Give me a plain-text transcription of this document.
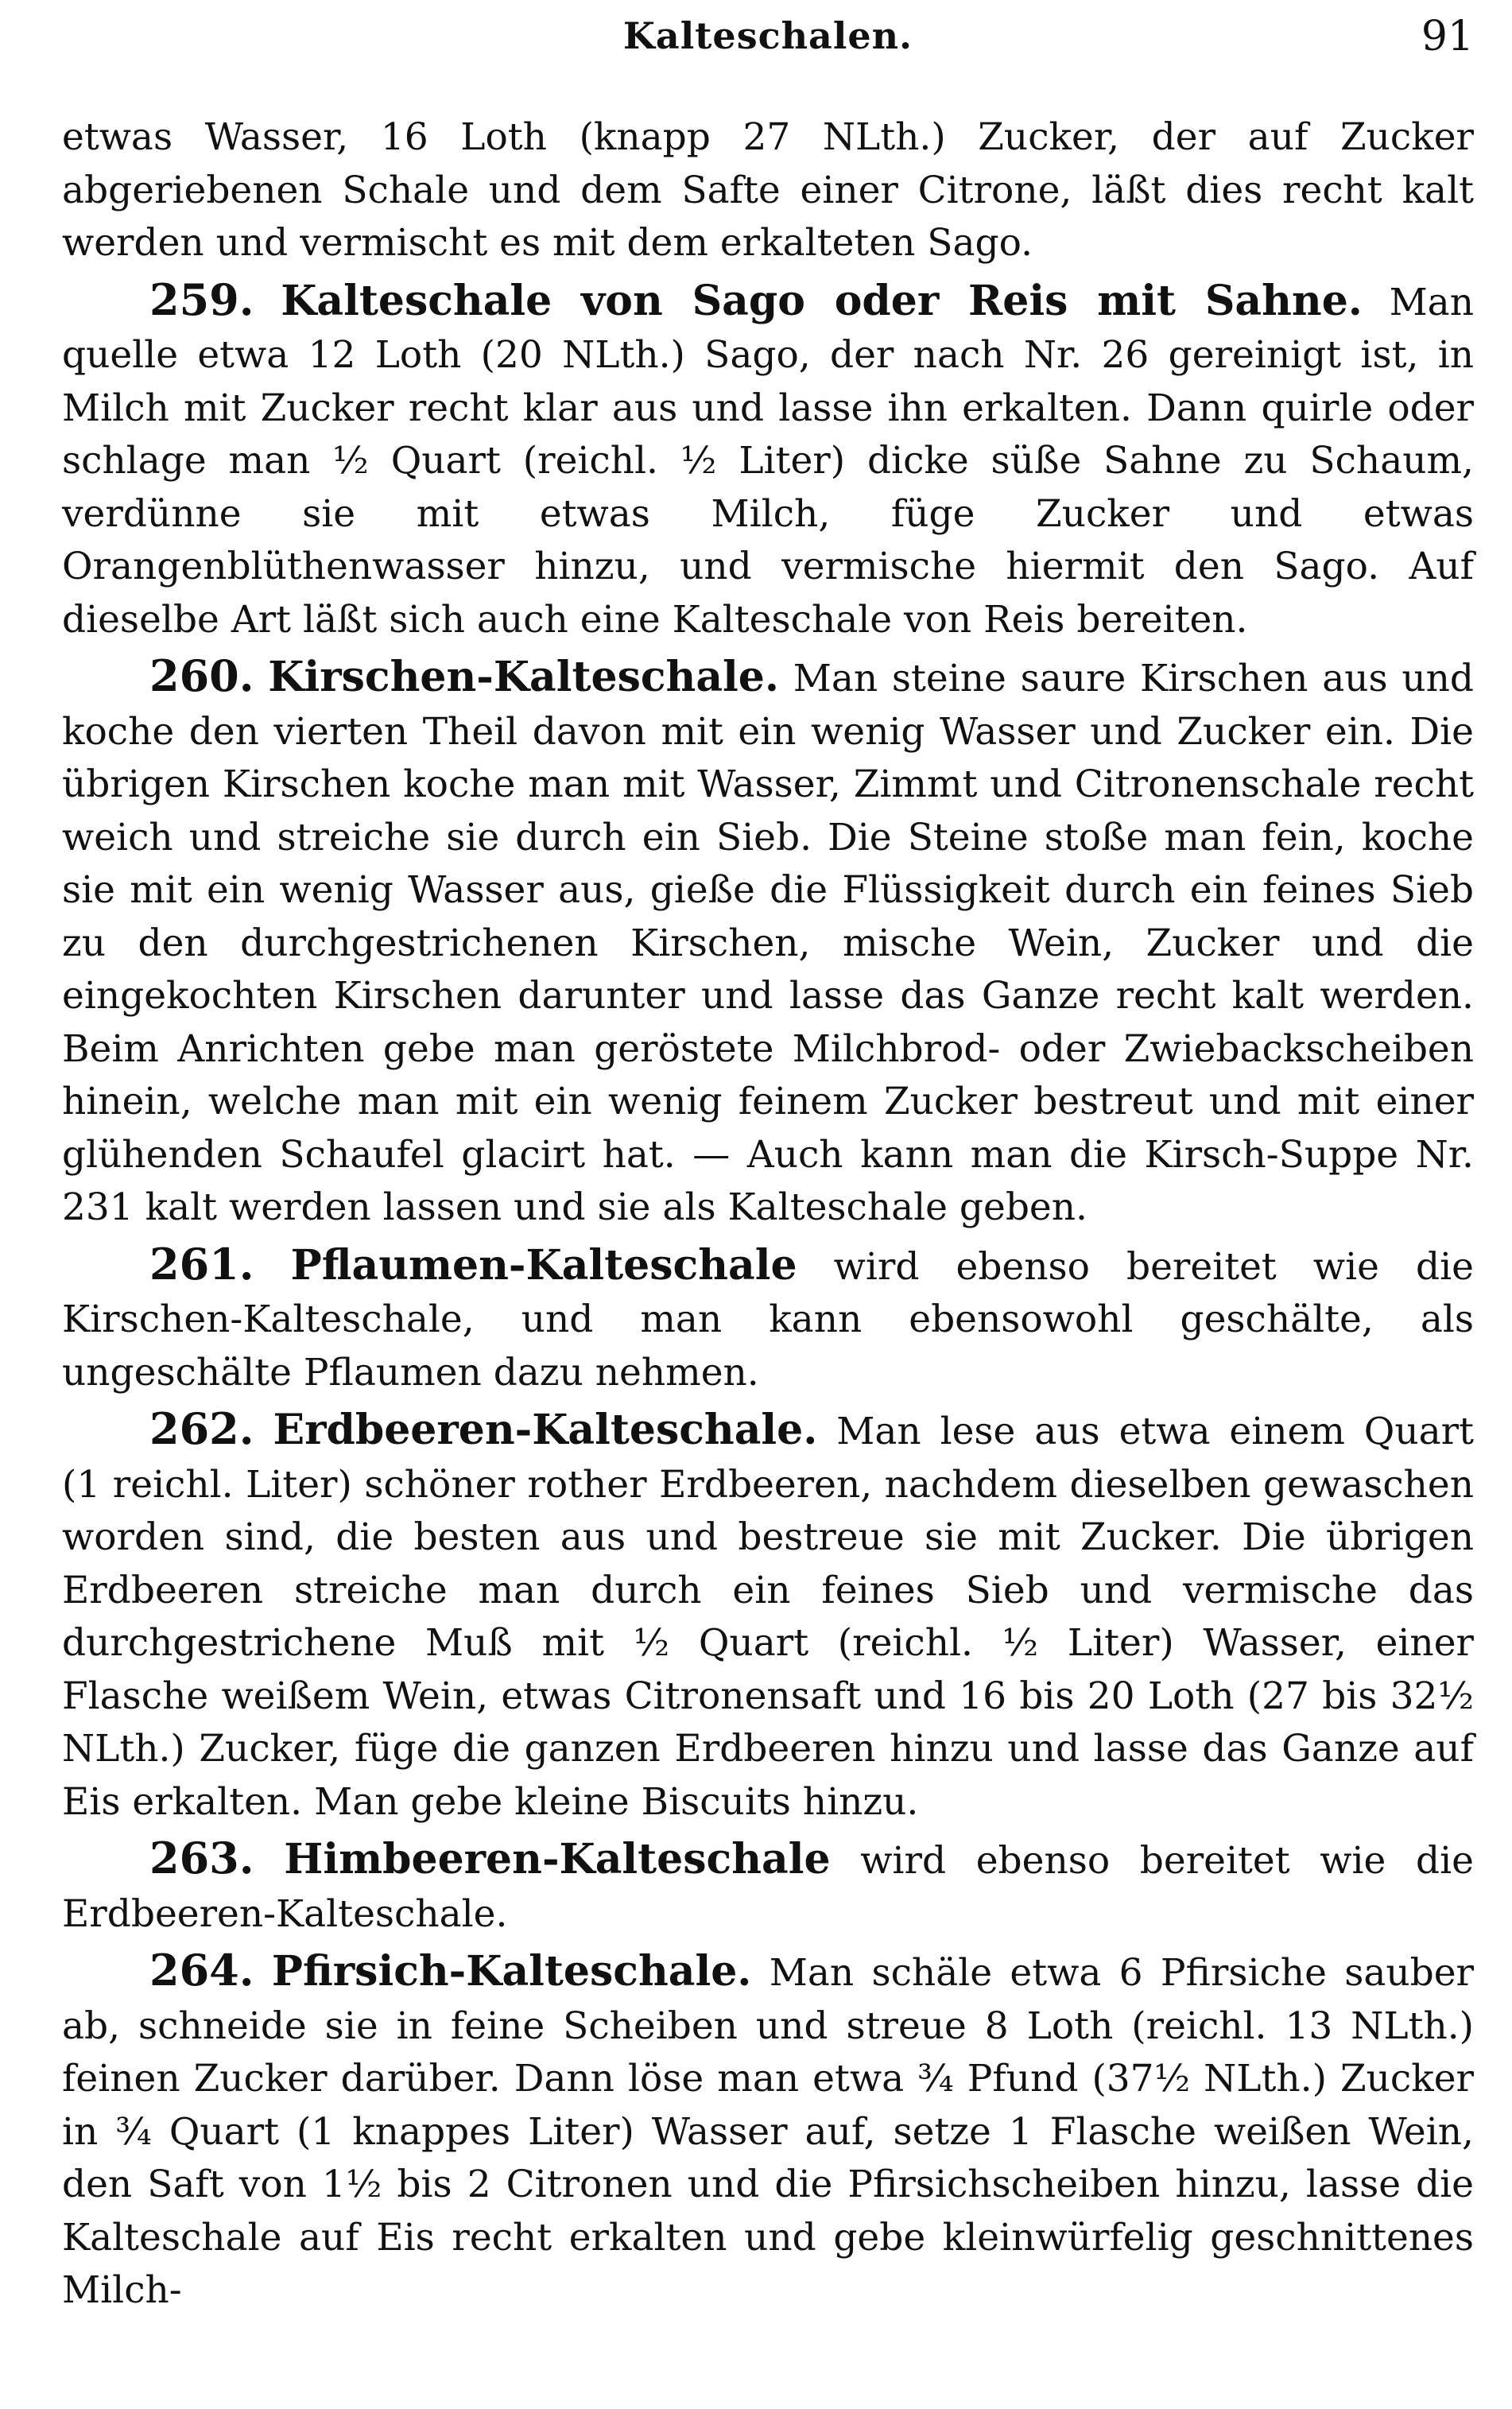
Kalteschalen.	91

etwas Wasser, 16 Loth (knapp 27 NLth.) Zucker, der auf Zucker abgeriebenen Schale und dem Safte einer Citrone, läßt dies recht kalt werden und vermischt es mit dem erkalteten Sago.

259. Kalteschale von Sago oder Reis mit Sahne. Man quelle etwa 12 Loth (20 NLth.) Sago, der nach Nr. 26 gereinigt ist, in Milch mit Zucker recht klar aus und lasse ihn erkalten. Dann quirle oder schlage man ½ Quart (reichl. ½ Liter) dicke süße Sahne zu Schaum, verdünne sie mit etwas Milch, füge Zucker und etwas Orangenblüthenwasser hinzu, und vermische hiermit den Sago. Auf dieselbe Art läßt sich auch eine Kalteschale von Reis bereiten.

260. Kirschen-Kalteschale. Man steine saure Kirschen aus und koche den vierten Theil davon mit ein wenig Wasser und Zucker ein. Die übrigen Kirschen koche man mit Wasser, Zimmt und Citronenschale recht weich und streiche sie durch ein Sieb. Die Steine stoße man fein, koche sie mit ein wenig Wasser aus, gieße die Flüssigkeit durch ein feines Sieb zu den durchgestrichenen Kirschen, mische Wein, Zucker und die eingekochten Kirschen darunter und lasse das Ganze recht kalt werden. Beim Anrichten gebe man geröstete Milchbrod- oder Zwiebackscheiben hinein, welche man mit ein wenig feinem Zucker bestreut und mit einer glühenden Schaufel glacirt hat. — Auch kann man die Kirsch-Suppe Nr. 231 kalt werden lassen und sie als Kalteschale geben.

261. Pflaumen-Kalteschale wird ebenso bereitet wie die Kirschen-Kalteschale, und man kann ebensowohl geschälte, als ungeschälte Pflaumen dazu nehmen.

262. Erdbeeren-Kalteschale. Man lese aus etwa einem Quart (1 reichl. Liter) schöner rother Erdbeeren, nachdem dieselben gewaschen worden sind, die besten aus und bestreue sie mit Zucker. Die übrigen Erdbeeren streiche man durch ein feines Sieb und vermische das durchgestrichene Muß mit ½ Quart (reichl. ½ Liter) Wasser, einer Flasche weißem Wein, etwas Citronensaft und 16 bis 20 Loth (27 bis 32½ NLth.) Zucker, füge die ganzen Erdbeeren hinzu und lasse das Ganze auf Eis erkalten. Man gebe kleine Biscuits hinzu.

263. Himbeeren-Kalteschale wird ebenso bereitet wie die Erdbeeren-Kalteschale.

264. Pfirsich-Kalteschale. Man schäle etwa 6 Pfirsiche sauber ab, schneide sie in feine Scheiben und streue 8 Loth (reichl. 13 NLth.) feinen Zucker darüber. Dann löse man etwa ¾ Pfund (37½ NLth.) Zucker in ¾ Quart (1 knappes Liter) Wasser auf, setze 1 Flasche weißen Wein, den Saft von 1½ bis 2 Citronen und die Pfirsichscheiben hinzu, lasse die Kalteschale auf Eis recht erkalten und gebe kleinwürfelig geschnittenes Milch-
